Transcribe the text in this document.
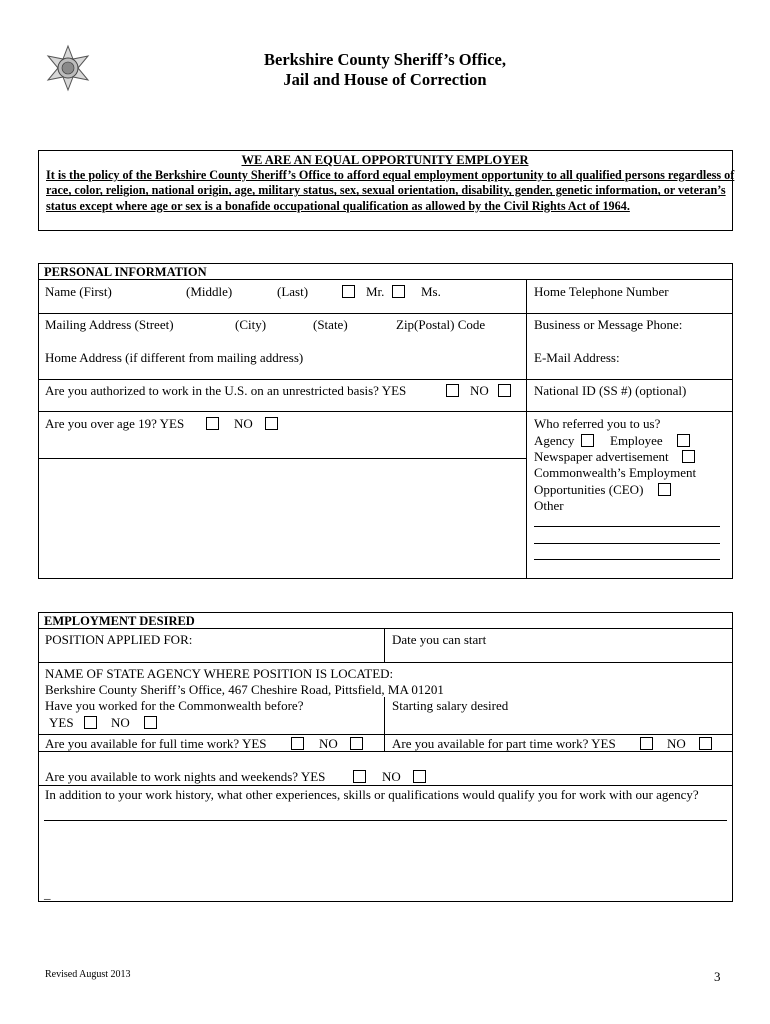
Berkshire County Sheriff’s Office,
Jail and House of Correction
WE ARE AN EQUAL OPPORTUNITY EMPLOYER
It is the policy of the Berkshire County Sheriff’s Office to afford equal employment opportunity to all qualified persons regardless of race, color, religion, national origin, age, military status, sex, sexual orientation, disability, gender, genetic information, or veteran’s status except where age or sex is a bonafide occupational qualification as allowed by the Civil Rights Act of 1964.
PERSONAL INFORMATION
Name (First)	(Middle)	(Last)	Mr.	Ms.	Home Telephone Number
Mailing Address (Street)	(City)	(State)	Zip(Postal) Code	Business or Message Phone:
Home Address (if different from mailing address)	E-Mail Address:
Are you authorized to work in the U.S. on an unrestricted basis? YES	NO	National ID (SS #) (optional)
Are you over age 19? YES	NO	Who referred you to us?
Agency	Employee
Newspaper advertisement
Commonwealth’s Employment
Opportunities (CEO)
Other
EMPLOYMENT DESIRED
POSITION APPLIED FOR:	Date you can start
NAME OF STATE AGENCY WHERE POSITION IS LOCATED:
Berkshire County Sheriff’s Office, 467 Cheshire Road, Pittsfield, MA 01201
Have you worked for the Commonwealth before?
YES	NO
Starting salary desired
Are you available for full time work? YES	NO	Are you available for part time work? YES	NO
Are you available to work nights and weekends? YES	NO
In addition to your work history, what other experiences, skills or qualifications would qualify you for work with our agency?
_
Revised August 2013	3
